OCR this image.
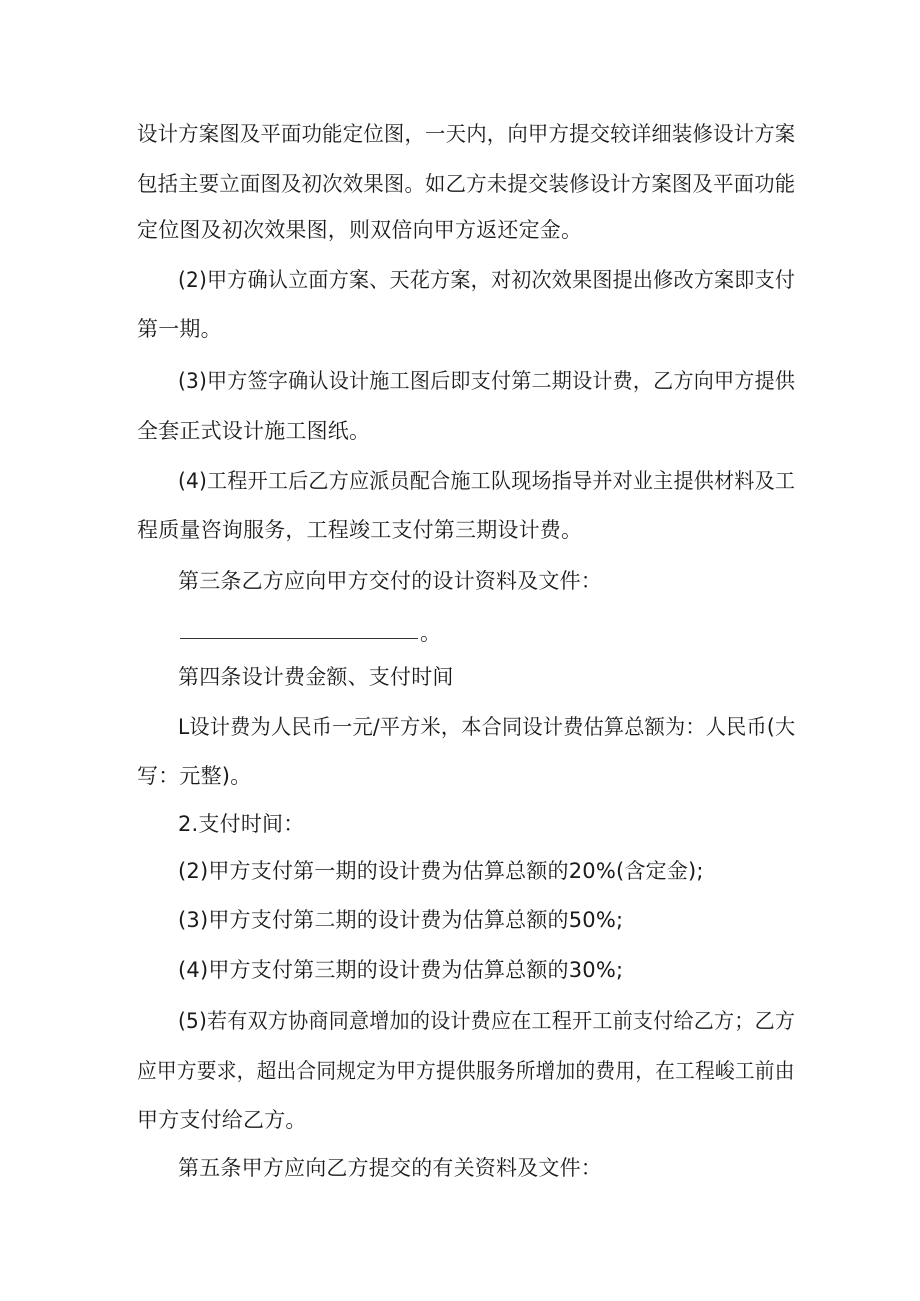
设计方案图及平面功能定位图，一天内，向甲方提交较详细装修设计方案
包括主要立面图及初次效果图。如乙方未提交装修设计方案图及平面功能
定位图及初次效果图，则双倍向甲方返还定金。
(2)甲方确认立面方案、天花方案，对初次效果图提出修改方案即支付
第一期。
(3)甲方签字确认设计施工图后即支付第二期设计费，乙方向甲方提供
全套正式设计施工图纸。
(4)工程开工后乙方应派员配合施工队现场指导并对业主提供材料及工
程质量咨询服务，工程竣工支付第三期设计费。
第三条乙方应向甲方交付的设计资料及文件：
。
第四条设计费金额、支付时间
L设计费为人民币一元/平方米，本合同设计费估算总额为：人民币(大
写：元整)。
2.支付时间：
(2)甲方支付第一期的设计费为估算总额的20%(含定金);
(3)甲方支付第二期的设计费为估算总额的50%;
(4)甲方支付第三期的设计费为估算总额的30%;
(5)若有双方协商同意增加的设计费应在工程开工前支付给乙方；乙方
应甲方要求，超出合同规定为甲方提供服务所增加的费用，在工程峻工前由
甲方支付给乙方。
第五条甲方应向乙方提交的有关资料及文件：
